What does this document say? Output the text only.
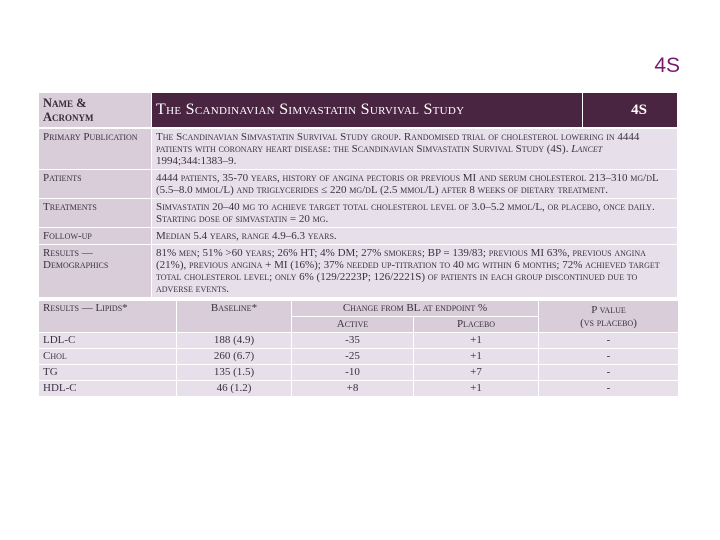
4S
Name &
Acronym	The Scandinavian Simvastatin Survival Study	4S
Primary Publication	The Scandinavian Simvastatin Survival Study group. Randomised trial of cholesterol lowering in 4444 patients with coronary heart disease: the Scandinavian Simvastatin Survival Study (4S). Lancet 1994;344:1383–9.
Patients	4444 patients, 35-70 years, history of angina pectoris or previous MI and serum cholesterol 213–310 mg/dL (5.5–8.0 mmol/L) and triglycerides ≤ 220 mg/dL (2.5 mmol/L) after 8 weeks of dietary treatment.
Treatments	Simvastatin 20–40 mg to achieve target total cholesterol level of 3.0–5.2 mmol/L, or placebo, once daily. Starting dose of simvastatin = 20 mg.
Follow-up	Median 5.4 years, range 4.9–6.3 years.
Results — Demographics	81% men; 51% >60 years; 26% HT; 4% DM; 27% smokers; BP = 139/83; previous MI 63%, previous angina (21%), previous angina + MI (16%); 37% needed up-titration to 40 mg within 6 months; 72% achieved target total cholesterol level; only 6% (129/2223P; 126/2221S) of patients in each group discontinued due to adverse events.
Results — Lipids*	Baseline*	Change from BL at endpoint %		P value
(vs placebo)

		Active	Placebo	
LDL-C	188 (4.9)	-35	+1	-
Chol	260 (6.7)	-25	+1	-
TG	135 (1.5)	-10	+7	-
HDL-C	46 (1.2)	+8	+1	-
